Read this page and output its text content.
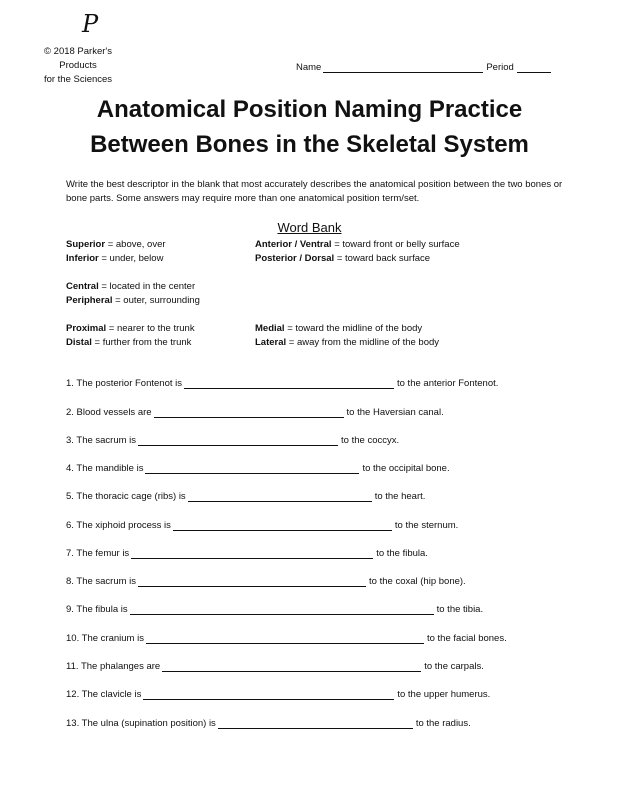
P
© 2018 Parker's Products
for the Sciences
Name	Period
Anatomical Position Naming Practice
Between Bones in the Skeletal System
Write the best descriptor in the blank that most accurately describes the anatomical position between the two bones or bone parts. Some answers may require more than one anatomical position term/set.
Word Bank
Superior = above, over
Inferior = under, below
Anterior / Ventral = toward front or belly surface
Posterior / Dorsal = toward back surface
Central = located in the center
Peripheral = outer, surrounding
Proximal = nearer to the trunk
Distal = further from the trunk
Medial = toward the midline of the body
Lateral = away from the midline of the body
1. The posterior Fontenot is	to the anterior Fontenot.
2. Blood vessels are	to the Haversian canal.
3. The sacrum is	to the coccyx.
4. The mandible is	to the occipital bone.
5. The thoracic cage (ribs) is	to the heart.
6. The xiphoid process is	to the sternum.
7. The femur is	to the fibula.
8. The sacrum is	to the coxal (hip bone).
9. The fibula is	to the tibia.
10. The cranium is	to the facial bones.
11. The phalanges are	to the carpals.
12. The clavicle is	to the upper humerus.
13. The ulna (supination position) is	to the radius.
